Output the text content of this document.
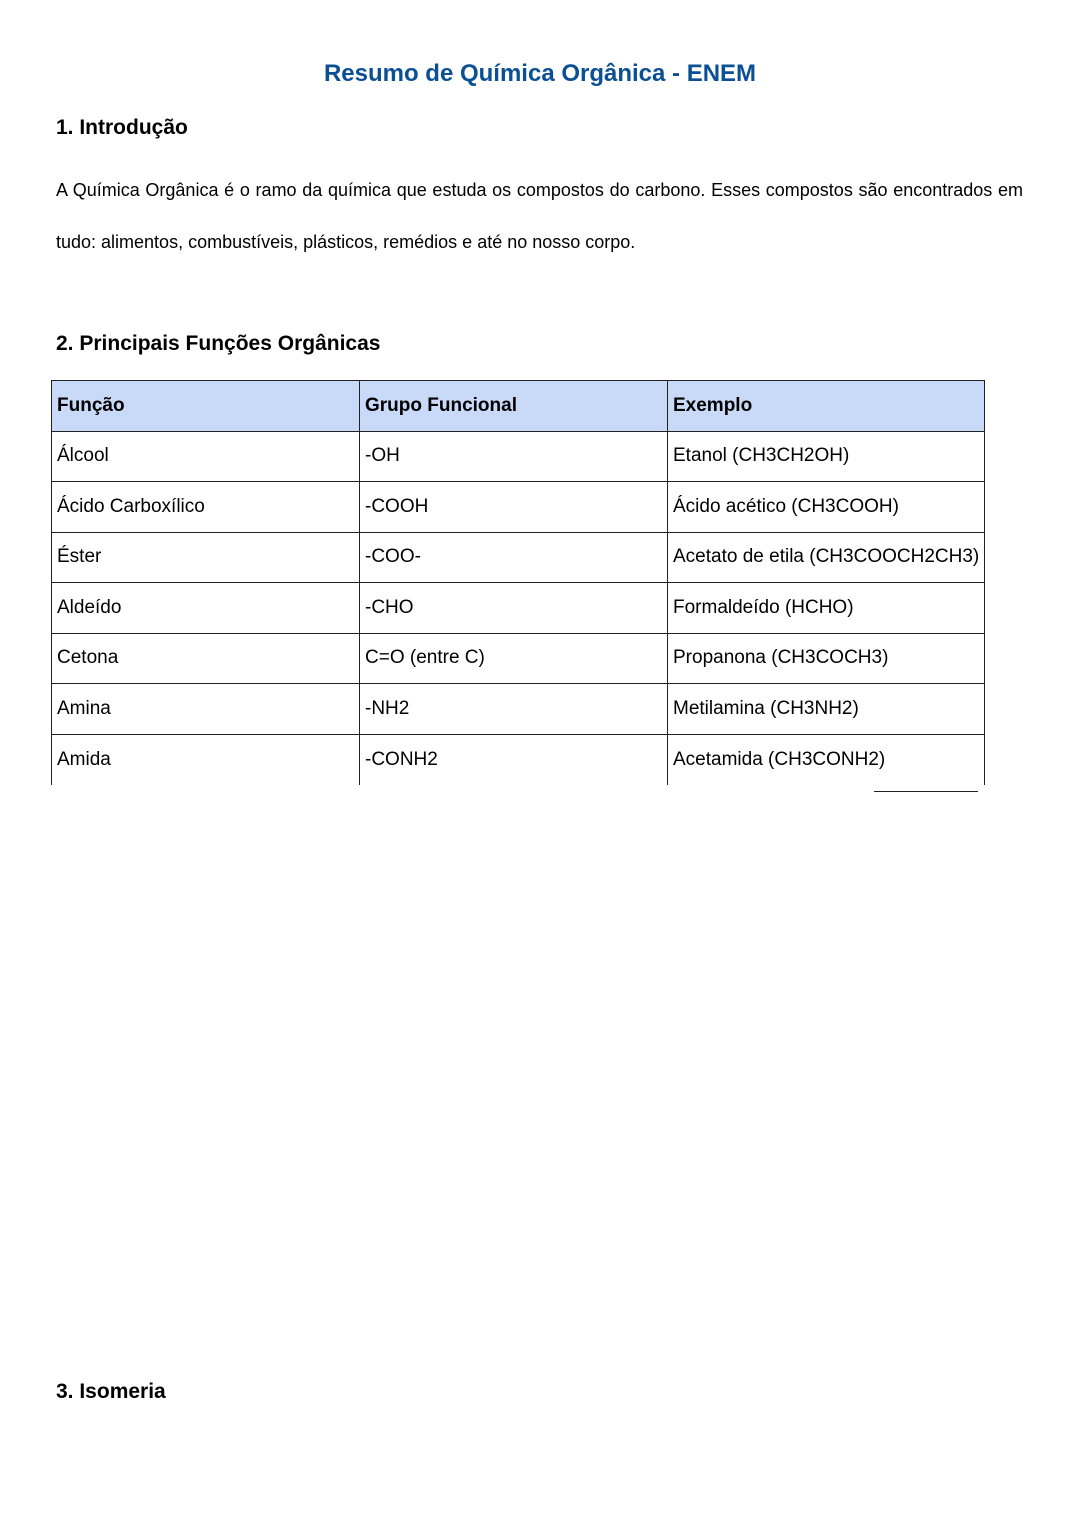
Resumo de Química Orgânica - ENEM
1. Introdução
A Química Orgânica é o ramo da química que estuda os compostos do carbono. Esses compostos são encontrados em tudo: alimentos, combustíveis, plásticos, remédios e até no nosso corpo.
2. Principais Funções Orgânicas
Função	Grupo Funcional	Exemplo
Álcool	-OH	Etanol (CH3CH2OH)
Ácido Carboxílico	-COOH	Ácido acético (CH3COOH)
Éster	-COO-	Acetato de etila (CH3COOCH2CH3)
Aldeído	-CHO	Formaldeído (HCHO)
Cetona	C=O (entre C)	Propanona (CH3COCH3)
Amina	-NH2	Metilamina (CH3NH2)
Amida	-CONH2	Acetamida (CH3CONH2)
3. Isomeria
